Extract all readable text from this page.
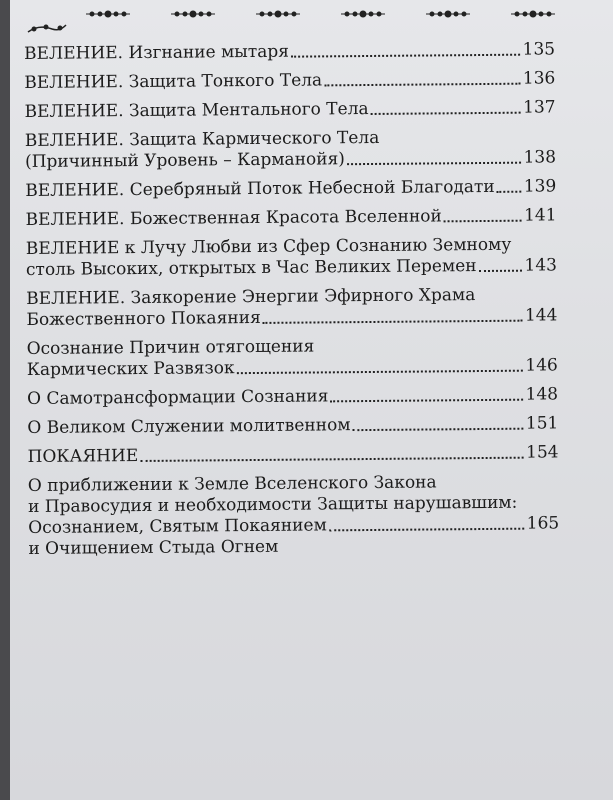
ВЕЛЕНИЕ. Изгнание мытаря	135
ВЕЛЕНИЕ. Защита Тонкого Тела	136
ВЕЛЕНИЕ. Защита Ментального Тела	137
ВЕЛЕНИЕ. Защита Кармического Тела
(Причинный Уровень – Карманойя)	138
ВЕЛЕНИЕ. Серебряный Поток Небесной Благодати 139
ВЕЛЕНИЕ. Божественная Красота Вселенной	141
ВЕЛЕНИЕ к Лучу Любви из Сфер Сознанию Земному
столь Высоких, открытых в Час Великих Перемен	143
ВЕЛЕНИЕ. Заякорение Энергии Эфирного Храма
Божественного Покаяния	144
Осознание Причин отягощения
Кармических Развязок	146
О Самотрансформации Сознания	148
О Великом Служении молитвенном	151
ПОКАЯНИЕ	154
О приближении к Земле Вселенского Закона
и Правосудия и необходимости Защиты нарушавшим:
Осознанием, Святым Покаянием	165
и Очищением Стыда Огнем
